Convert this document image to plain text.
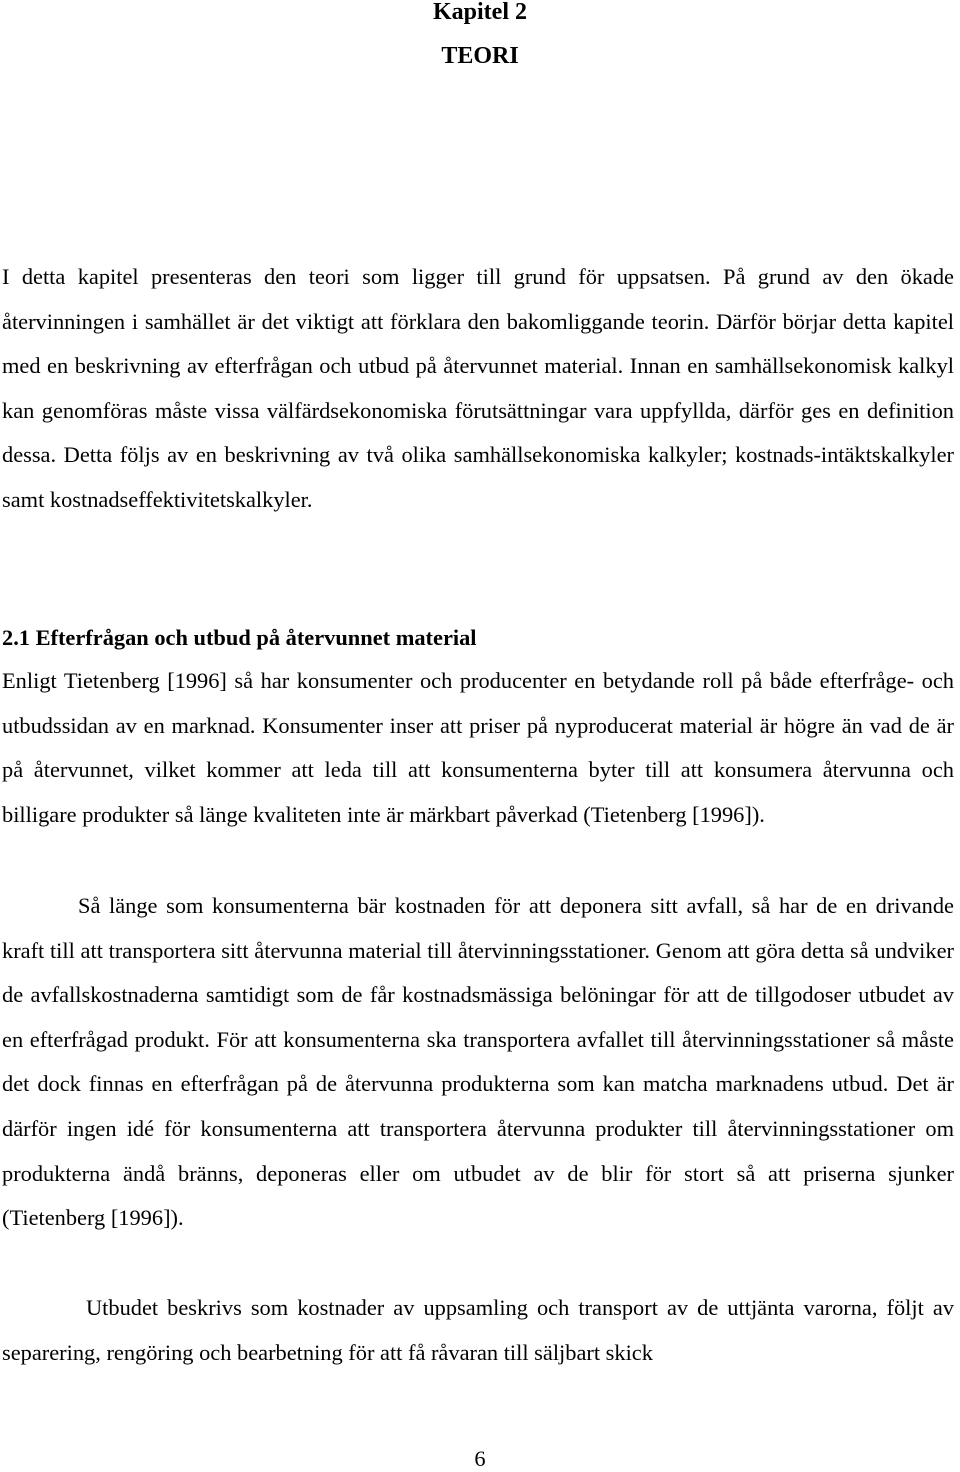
Kapitel 2
TEORI

I detta kapitel presenteras den teori som ligger till grund för uppsatsen. På grund av den ökade återvinningen i samhället är det viktigt att förklara den bakomliggande teorin. Därför börjar detta kapitel med en beskrivning av efterfrågan och utbud på återvunnet material. Innan en samhällsekonomisk kalkyl kan genomföras måste vissa välfärdsekonomiska förutsättningar vara uppfyllda, därför ges en definition dessa. Detta följs av en beskrivning av två olika samhällsekonomiska kalkyler; kostnads-intäktskalkyler samt kostnadseffektivitetskalkyler.

2.1 Efterfrågan och utbud på återvunnet material

Enligt Tietenberg [1996] så har konsumenter och producenter en betydande roll på både efterfråge- och utbudssidan av en marknad. Konsumenter inser att priser på nyproducerat material är högre än vad de är på återvunnet, vilket kommer att leda till att konsumenterna byter till att konsumera återvunna och billigare produkter så länge kvaliteten inte är märkbart påverkad (Tietenberg [1996]).

Så länge som konsumenterna bär kostnaden för att deponera sitt avfall, så har de en drivande kraft till att transportera sitt återvunna material till återvinningsstationer. Genom att göra detta så undviker de avfallskostnaderna samtidigt som de får kostnadsmässiga belöningar för att de tillgodoser utbudet av en efterfrågad produkt. För att konsumenterna ska transportera avfallet till återvinningsstationer så måste det dock finnas en efterfrågan på de återvunna produkterna som kan matcha marknadens utbud. Det är därför ingen idé för konsumenterna att transportera återvunna produkter till återvinningsstationer om produkterna ändå bränns, deponeras eller om utbudet av de blir för stort så att priserna sjunker (Tietenberg [1996]).

Utbudet beskrivs som kostnader av uppsamling och transport av de uttjänta varorna, följt av separering, rengöring och bearbetning för att få råvaran till säljbart skick

6
